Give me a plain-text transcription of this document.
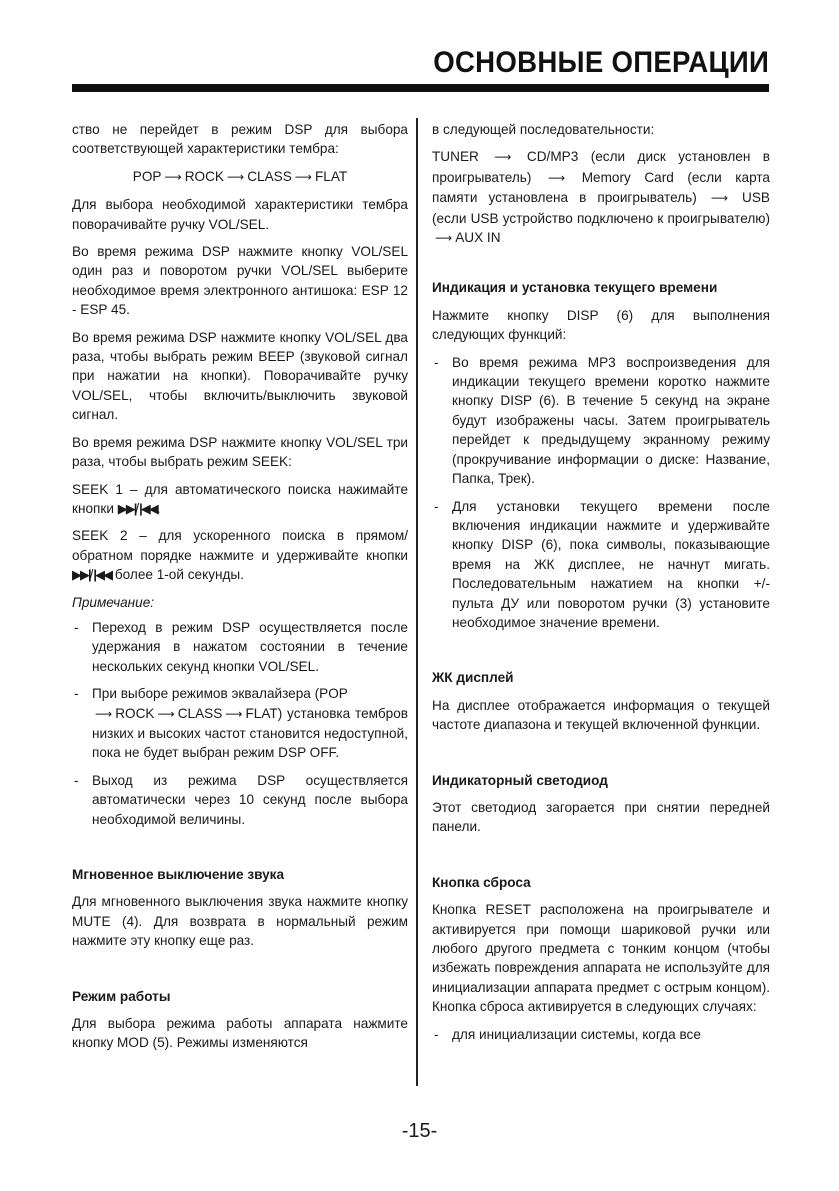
ОСНОВНЫЕ ОПЕРАЦИИ

ство не перейдет в режим DSP для выбора соответствующей характеристики тембра:

POP ⟶ ROCK ⟶ CLASS ⟶ FLAT

Для выбора необходимой характеристики тембра поворачивайте ручку VOL/SEL.

Во время режима DSP нажмите кнопку VOL/SEL один раз и поворотом ручки VOL/SEL выберите необходимое время электронного антишока: ESP 12 - ESP 45.

Во время режима DSP нажмите кнопку VOL/SEL два раза, чтобы выбрать режим BEEP (звуковой сигнал при нажатии на кнопки). Поворачивайте ручку VOL/SEL, чтобы включить/выключить звуковой сигнал.

Во время режима DSP нажмите кнопку VOL/SEL три раза, чтобы выбрать режим SEEK:

SEEK 1 – для автоматического поиска нажимайте кнопки ▶▶|/|◀◀.

SEEK 2 – для ускоренного поиска в прямом/обратном порядке нажмите и удерживайте кнопки ▶▶|/|◀◀ более 1-ой секунды.

Примечание:

- Переход в режим DSP осуществляется после удержания в нажатом состоянии в течение нескольких секунд кнопки VOL/SEL.
- При выборе режимов эквалайзера (POP
⟶ ROCK ⟶ CLASS ⟶ FLAT) установка тембров низких и высоких частот становится недоступной, пока не будет выбран режим DSP OFF.
- Выход из режима DSP осуществляется автоматически через 10 секунд после выбора необходимой величины.
Мгновенное выключение звука

Для мгновенного выключения звука нажмите кнопку MUTE (4). Для возврата в нормальный режим нажмите эту кнопку еще раз.

Режим работы

Для выбора режима работы аппарата нажмите кнопку MOD (5). Режимы изменяются

в следующей последовательности:

TUNER ⟶ CD/MP3 (если диск установлен в проигрыватель) ⟶ Memory Card (если карта памяти установлена в проигрыватель) ⟶ USB (если USB устройство подключено к проигрывателю) ⟶ AUX IN

Индикация и установка текущего времени

Нажмите кнопку DISP (6) для выполнения следующих функций:

- Во время режима MP3 воспроизведения для индикации текущего времени коротко нажмите кнопку DISP (6). В течение 5 секунд на экране будут изображены часы. Затем проигрыватель перейдет к предыдущему экранному режиму (прокручивание информации о диске: Название, Папка, Трек).
- Для установки текущего времени после включения индикации нажмите и удерживайте кнопку DISP (6), пока символы, показывающие время на ЖК дисплее, не начнут мигать. Последовательным нажатием на кнопки +/- пульта ДУ или поворотом ручки (3) установите необходимое значение времени.
ЖК дисплей

На дисплее отображается информация о текущей частоте диапазона и текущей включенной функции.

Индикаторный светодиод

Этот светодиод загорается при снятии передней панели.

Кнопка сброса

Кнопка RESET расположена на проигрывателе и активируется при помощи шариковой ручки или любого другого предмета с тонким концом (чтобы избежать повреждения аппарата не используйте для инициализации аппарата предмет с острым концом). Кнопка сброса активируется в следующих случаях:

- для инициализации системы, когда все
-15-
